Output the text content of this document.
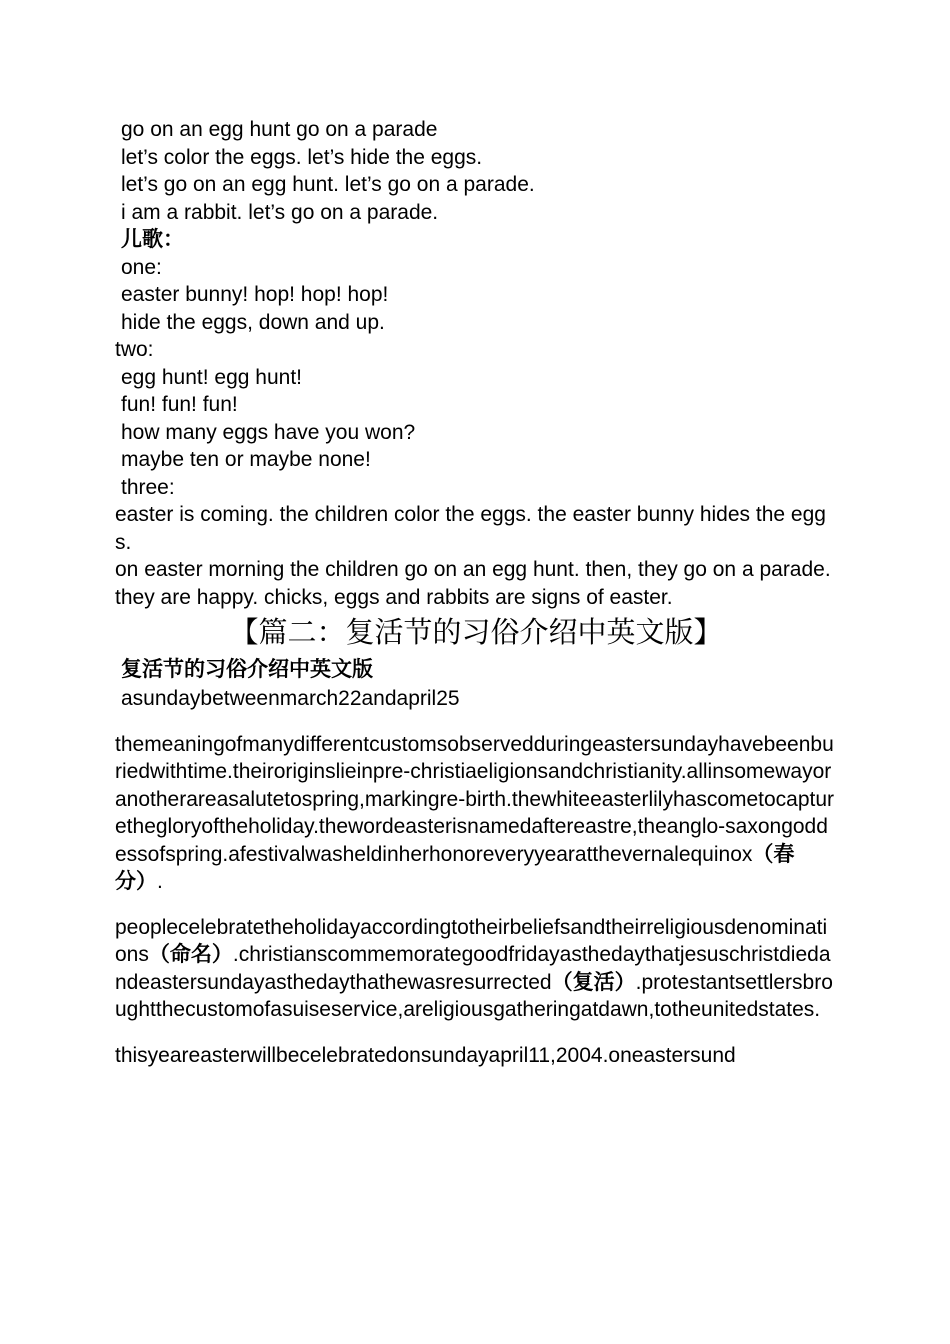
go on an egg hunt go on a parade
let’s color the eggs. let’s hide the eggs.
let’s go on an egg hunt. let’s go on a parade.
i am a rabbit. let’s go on a parade.
儿歌：
one:
easter bunny! hop! hop! hop!
hide the eggs, down and up.
two:
egg hunt! egg hunt!
fun! fun! fun!
how many eggs have you won?
maybe ten or maybe none!
three:
easter is coming. the children color the eggs. the easter bunny hides the eggs.
on easter morning the children go on an egg hunt. then, they go on a parade. they are happy. chicks, eggs and rabbits are signs of easter.
【篇二：复活节的习俗介绍中英文版】
复活节的习俗介绍中英文版
asundaybetweenmarch22andapril25
themeaningofmanydifferentcustomsobservedduringeastersundayhavebeenburiedwithtime.theiroriginslieinpre-christiaeligionsandchristianity.allinsomewayoranotherareasalutetospring,markingre-birth.thewhiteeasterlilyhascometocapturethegloryoftheholiday.thewordeasterisnamedaftereastre,theanglo-saxongoddessofspring.afestivalwasheldinherhonoreveryyearatthevernalequinox（春分）.
peoplecelebratetheholidayaccordingtotheirbeliefsandtheirreligiousdenominations（命名）.christianscommemorategoodfridayasthedaythatjesuschristdiedandeastersundayasthedaythathewasresurrected（复活）.protestantsettlersbroughtthecustomofasuiseservice,areligiousgatheringatdawn,totheunitedstates.
thisyeareasterwillbecelebratedonsundayapril11,2004.oneastersund
